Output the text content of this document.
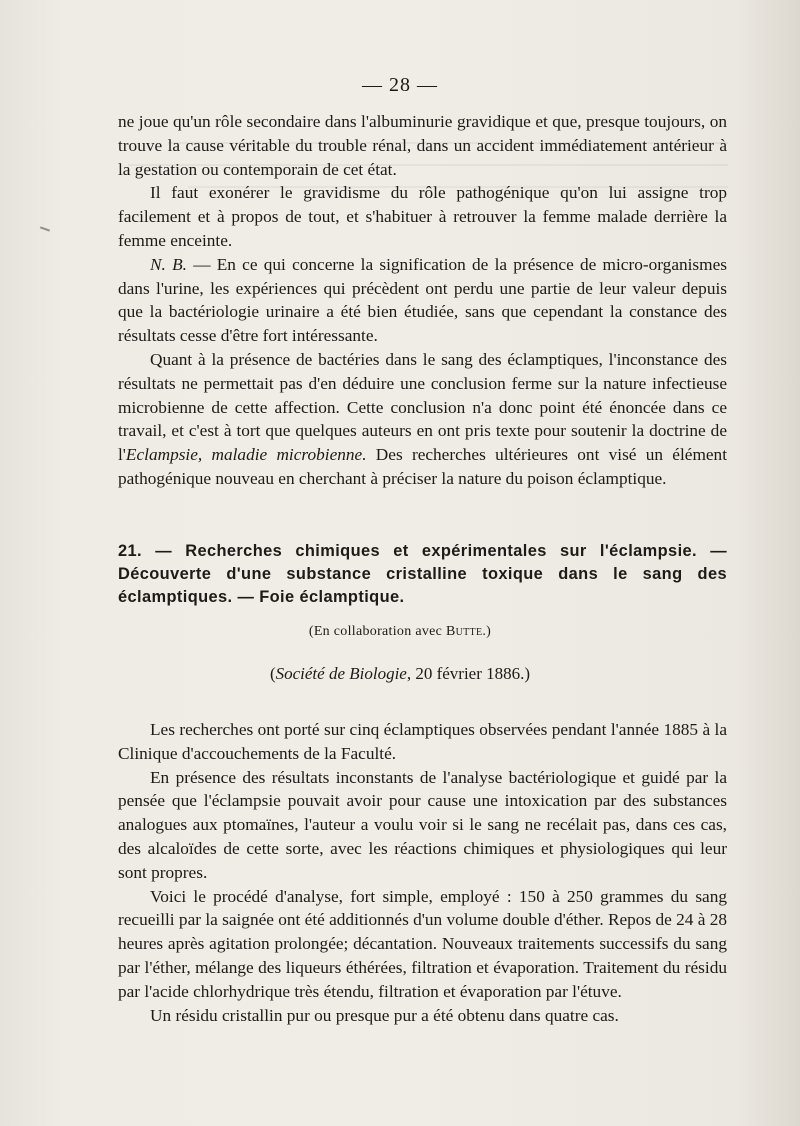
— 28 —

ne joue qu'un rôle secondaire dans l'albuminurie gravidique et que, presque toujours, on trouve la cause véritable du trouble rénal, dans un accident immédiatement antérieur à la gestation ou contemporain de cet état.

Il faut exonérer le gravidisme du rôle pathogénique qu'on lui assigne trop facilement et à propos de tout, et s'habituer à retrouver la femme malade derrière la femme enceinte.

N. B. — En ce qui concerne la signification de la présence de micro-organismes dans l'urine, les expériences qui précèdent ont perdu une partie de leur valeur depuis que la bactériologie urinaire a été bien étudiée, sans que cependant la constance des résultats cesse d'être fort intéressante.

Quant à la présence de bactéries dans le sang des éclamptiques, l'inconstance des résultats ne permettait pas d'en déduire une conclusion ferme sur la nature infectieuse microbienne de cette affection. Cette conclusion n'a donc point été énoncée dans ce travail, et c'est à tort que quelques auteurs en ont pris texte pour soutenir la doctrine de l'Eclampsie, maladie microbienne. Des recherches ultérieures ont visé un élément pathogénique nouveau en cherchant à préciser la nature du poison éclamptique.

21. — Recherches chimiques et expérimentales sur l'éclampsie. — Découverte d'une substance cristalline toxique dans le sang des éclamptiques. — Foie éclamptique.
(En collaboration avec Butte.)
(Société de Biologie, 20 février 1886.)

Les recherches ont porté sur cinq éclamptiques observées pendant l'année 1885 à la Clinique d'accouchements de la Faculté.

En présence des résultats inconstants de l'analyse bactériologique et guidé par la pensée que l'éclampsie pouvait avoir pour cause une intoxication par des substances analogues aux ptomaïnes, l'auteur a voulu voir si le sang ne recélait pas, dans ces cas, des alcaloïdes de cette sorte, avec les réactions chimiques et physiologiques qui leur sont propres.

Voici le procédé d'analyse, fort simple, employé : 150 à 250 grammes du sang recueilli par la saignée ont été additionnés d'un volume double d'éther. Repos de 24 à 28 heures après agitation prolongée; décantation. Nouveaux traitements successifs du sang par l'éther, mélange des liqueurs éthérées, filtration et évaporation. Traitement du résidu par l'acide chlorhydrique très étendu, filtration et évaporation par l'étuve.

Un résidu cristallin pur ou presque pur a été obtenu dans quatre cas.
